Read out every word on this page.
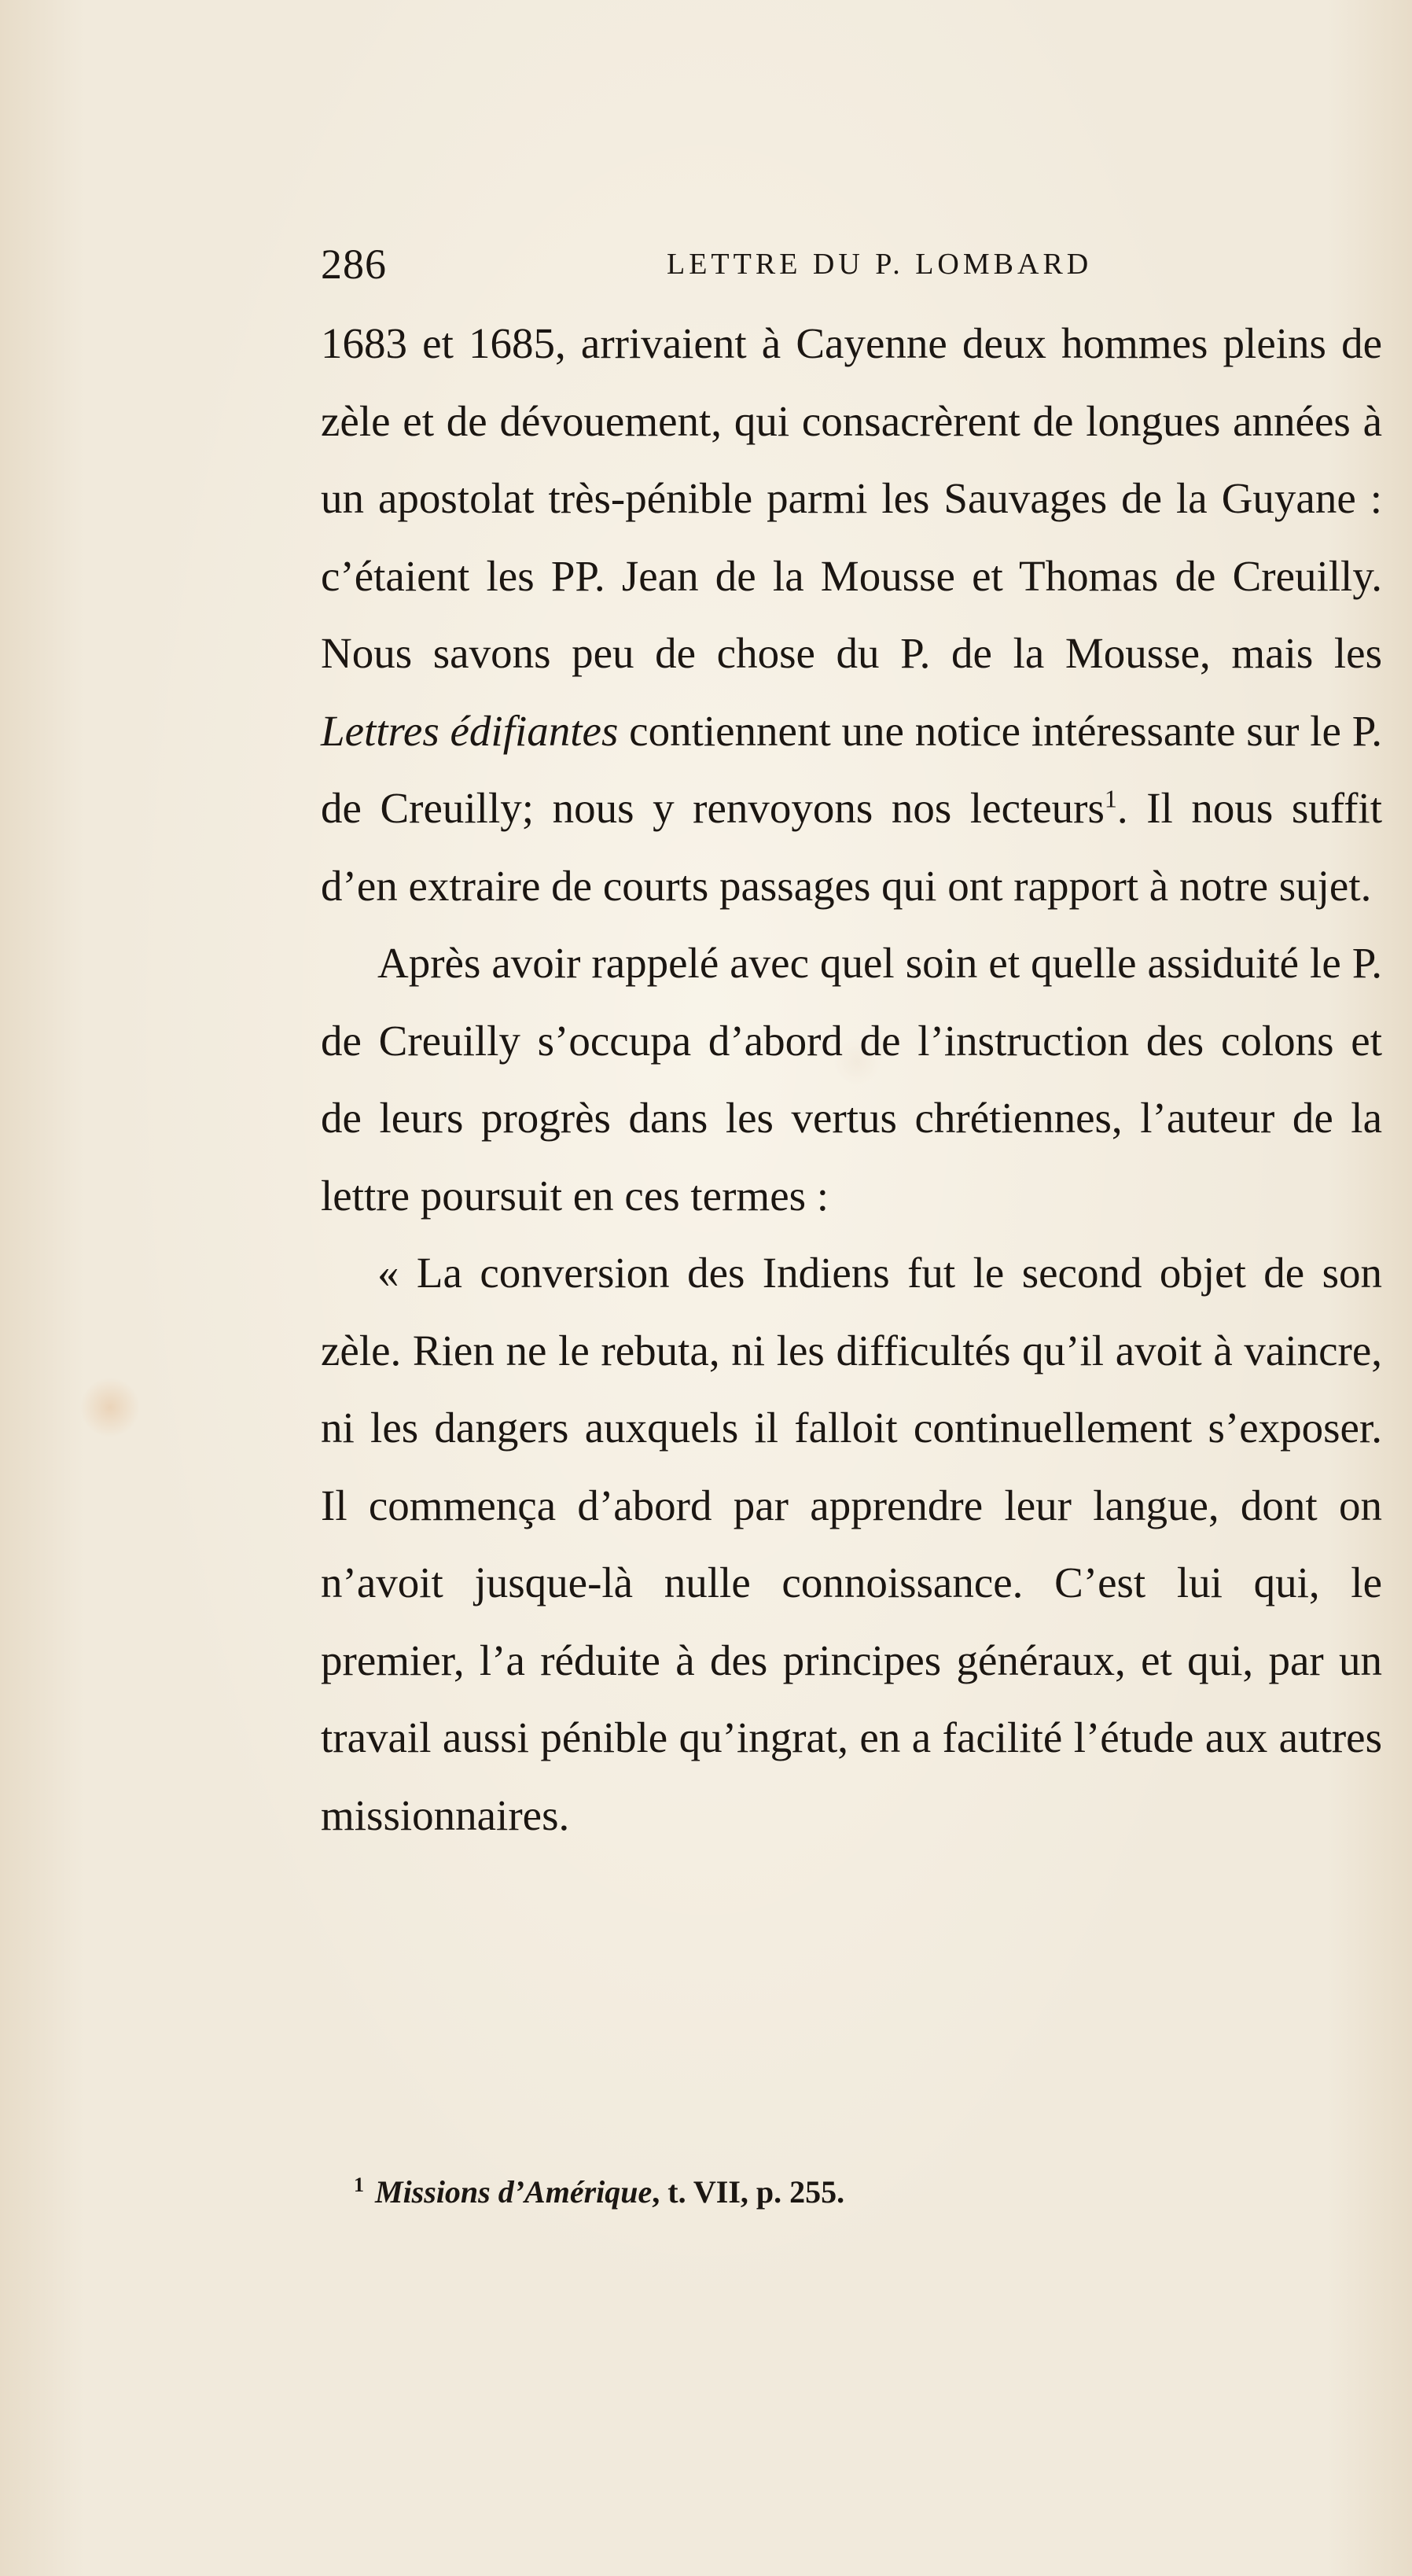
286	LETTRE DU P. LOMBARD

1683 et 1685, arrivaient à Cayenne deux hommes pleins de zèle et de dévouement, qui consacrèrent de longues années à un apostolat très-pénible parmi les Sauvages de la Guyane : c’étaient les PP. Jean de la Mousse et Thomas de Creuilly. Nous savons peu de chose du P. de la Mousse, mais les Lettres édifiantes contiennent une notice intéressante sur le P. de Creuilly; nous y renvoyons nos lecteurs$^1$. Il nous suffit d’en extraire de courts passages qui ont rapport à notre sujet.

Après avoir rappelé avec quel soin et quelle assiduité le P. de Creuilly s’occupa d’abord de l’instruction des colons et de leurs progrès dans les vertus chrétiennes, l’auteur de la lettre poursuit en ces termes :

« La conversion des Indiens fut le second objet de son zèle. Rien ne le rebuta, ni les difficultés qu’il avoit à vaincre, ni les dangers auxquels il falloit continuellement s’exposer. Il commença d’abord par apprendre leur langue, dont on n’avoit jusque-là nulle connoissance. C’est lui qui, le premier, l’a réduite à des principes généraux, et qui, par un travail aussi pénible qu’ingrat, en a facilité l’étude aux autres missionnaires.

$^1$ Missions d’Amérique, t. VII, p. 255.
